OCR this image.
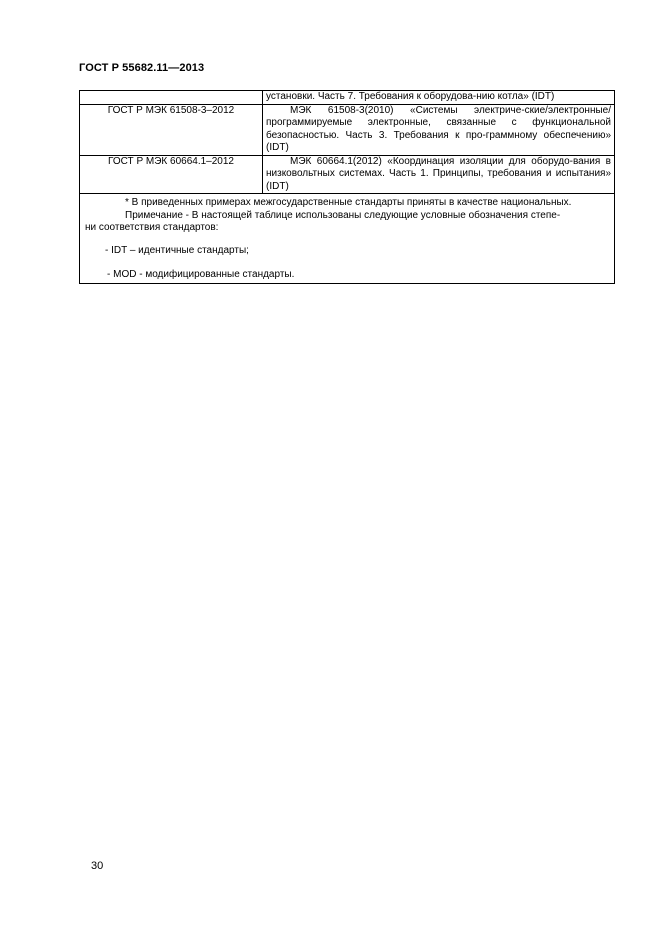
ГОСТ Р 55682.11—2013
	установки. Часть 7. Требования к оборудова-нию котла» (IDT)
ГОСТ Р МЭК 61508-3–2012	МЭК 61508-3(2010) «Системы электриче-ские/электронные/программируемые электронные, связанные с функциональной безопасностью. Часть 3. Требования к про-граммному обеспечению» (IDT)
ГОСТ Р МЭК 60664.1–2012	МЭК 60664.1(2012) «Координация изоляции для оборудо-вания в низковольтных системах. Часть 1. Принципы, требования и испытания» (IDT)

* В приведенных примерах межгосударственные стандарты приняты в качестве национальных.

Примечание - В настоящей таблице использованы следующие условные обозначения степе-

ни соответствия стандартов:

- IDT – идентичные стандарты;

- MOD - модифицированные стандарты.	

30
